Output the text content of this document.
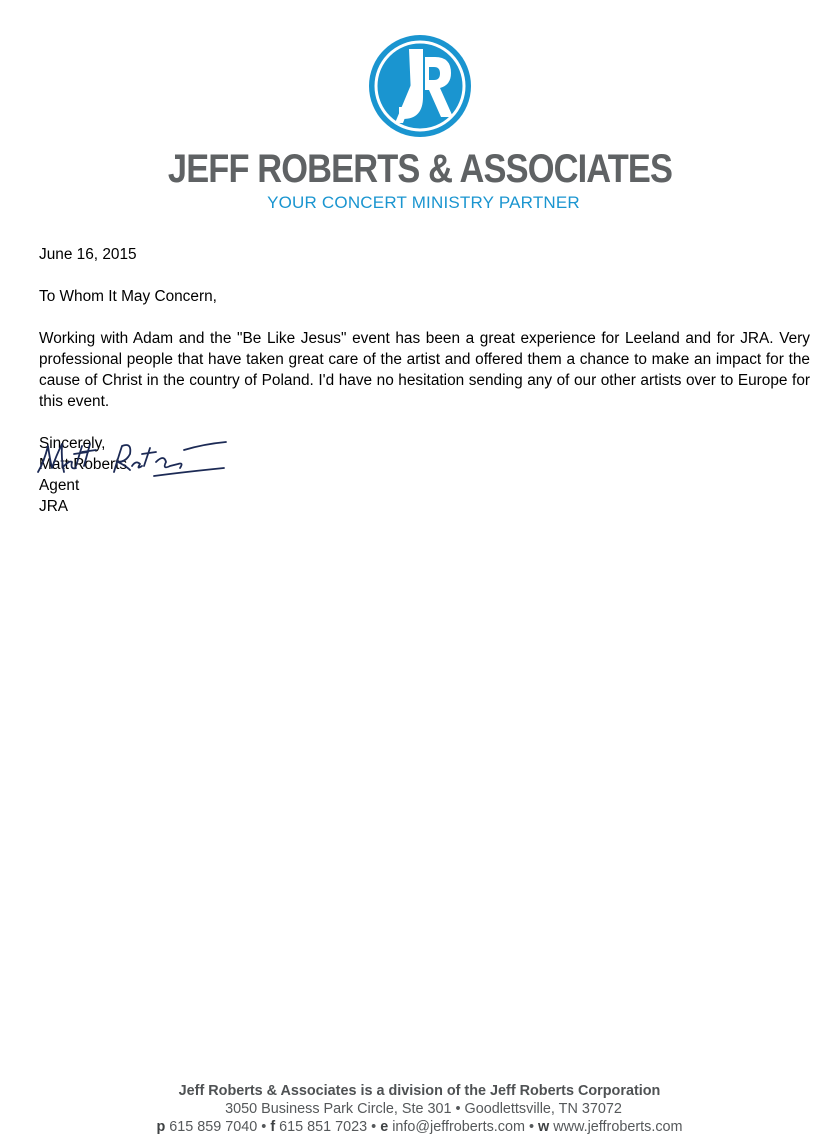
JEFF ROBERTS & ASSOCIATES
YOUR CONCERT MINISTRY PARTNER

June 16, 2015

To Whom It May Concern,

Working with Adam and the "Be Like Jesus" event has been a great experience for Leeland and for JRA. Very professional people that have taken great care of the artist and offered them a chance to make an impact for the cause of Christ in the country of Poland. I'd have no hesitation sending any of our other artists over to Europe for this event.

Sincerely,

Matt Roberts

Agent

JRA

Jeff Roberts & Associates is a division of the Jeff Roberts Corporation
3050 Business Park Circle, Ste 301 • Goodlettsville, TN 37072
p 615 859 7040 • f 615 851 7023 • e info@jeffroberts.com • w www.jeffroberts.com
